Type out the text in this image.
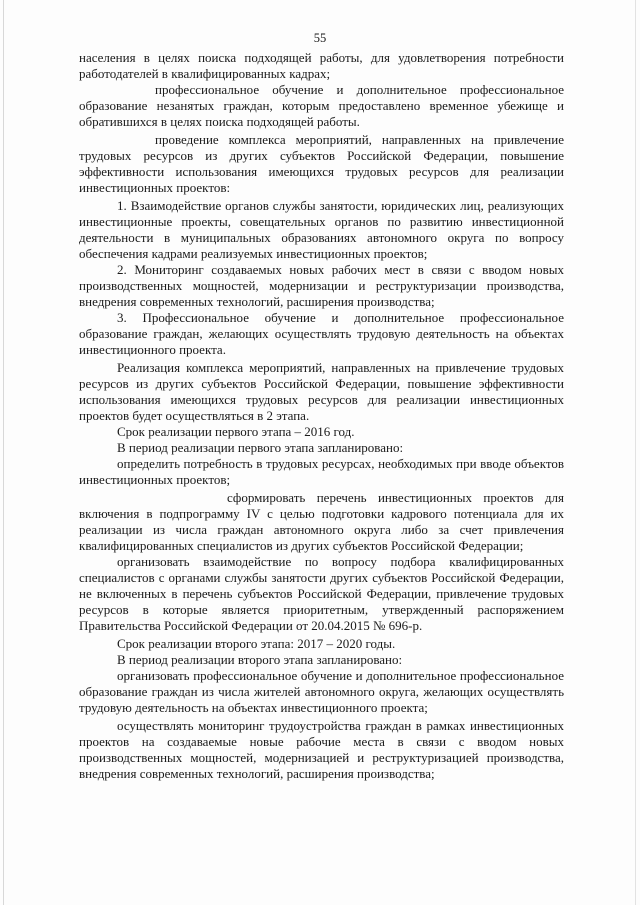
55

населения в целях поиска подходящей работы, для удовлетворения потребности работодателей в квалифицированных кадрах;

профессиональное обучение и дополнительное профессиональное образование незанятых граждан, которым предоставлено временное убежище и обратившихся в целях поиска подходящей работы.

проведение комплекса мероприятий, направленных на привлечение трудовых ресурсов из других субъектов Российской Федерации, повышение эффективности использования имеющихся трудовых ресурсов для реализации инвестиционных проектов:

1. Взаимодействие органов службы занятости, юридических лиц, реализующих инвестиционные проекты, совещательных органов по развитию инвестиционной деятельности в муниципальных образованиях автономного округа по вопросу обеспечения кадрами реализуемых инвестиционных проектов;

2. Мониторинг создаваемых новых рабочих мест в связи с вводом новых производственных мощностей, модернизации и реструктуризации производства, внедрения современных технологий, расширения производства;

3. Профессиональное обучение и дополнительное профессиональное образование граждан, желающих осуществлять трудовую деятельность на объектах инвестиционного проекта.

Реализация комплекса мероприятий, направленных на привлечение трудовых ресурсов из других субъектов Российской Федерации, повышение эффективности использования имеющихся трудовых ресурсов для реализации инвестиционных проектов будет осуществляться в 2 этапа.

Срок реализации первого этапа – 2016 год.

В период реализации первого этапа запланировано:

определить потребность в трудовых ресурсах, необходимых при вводе объектов инвестиционных проектов;

сформировать перечень инвестиционных проектов для включения в подпрограмму IV с целью подготовки кадрового потенциала для их реализации из числа граждан автономного округа либо за счет привлечения квалифицированных специалистов из других субъектов Российской Федерации;

организовать взаимодействие по вопросу подбора квалифицированных специалистов с органами службы занятости других субъектов Российской Федерации, не включенных в перечень субъектов Российской Федерации, привлечение трудовых ресурсов в которые является приоритетным, утвержденный распоряжением Правительства Российской Федерации от 20.04.2015 № 696-р.

Срок реализации второго этапа: 2017 – 2020 годы.

В период реализации второго этапа запланировано:

организовать профессиональное обучение и дополнительное профессиональное образование граждан из числа жителей автономного округа, желающих осуществлять трудовую деятельность на объектах инвестиционного проекта;

осуществлять мониторинг трудоустройства граждан в рамках инвестиционных проектов на создаваемые новые рабочие места в связи с вводом новых производственных мощностей, модернизацией и реструктуризацией производства, внедрения современных технологий, расширения производства;
